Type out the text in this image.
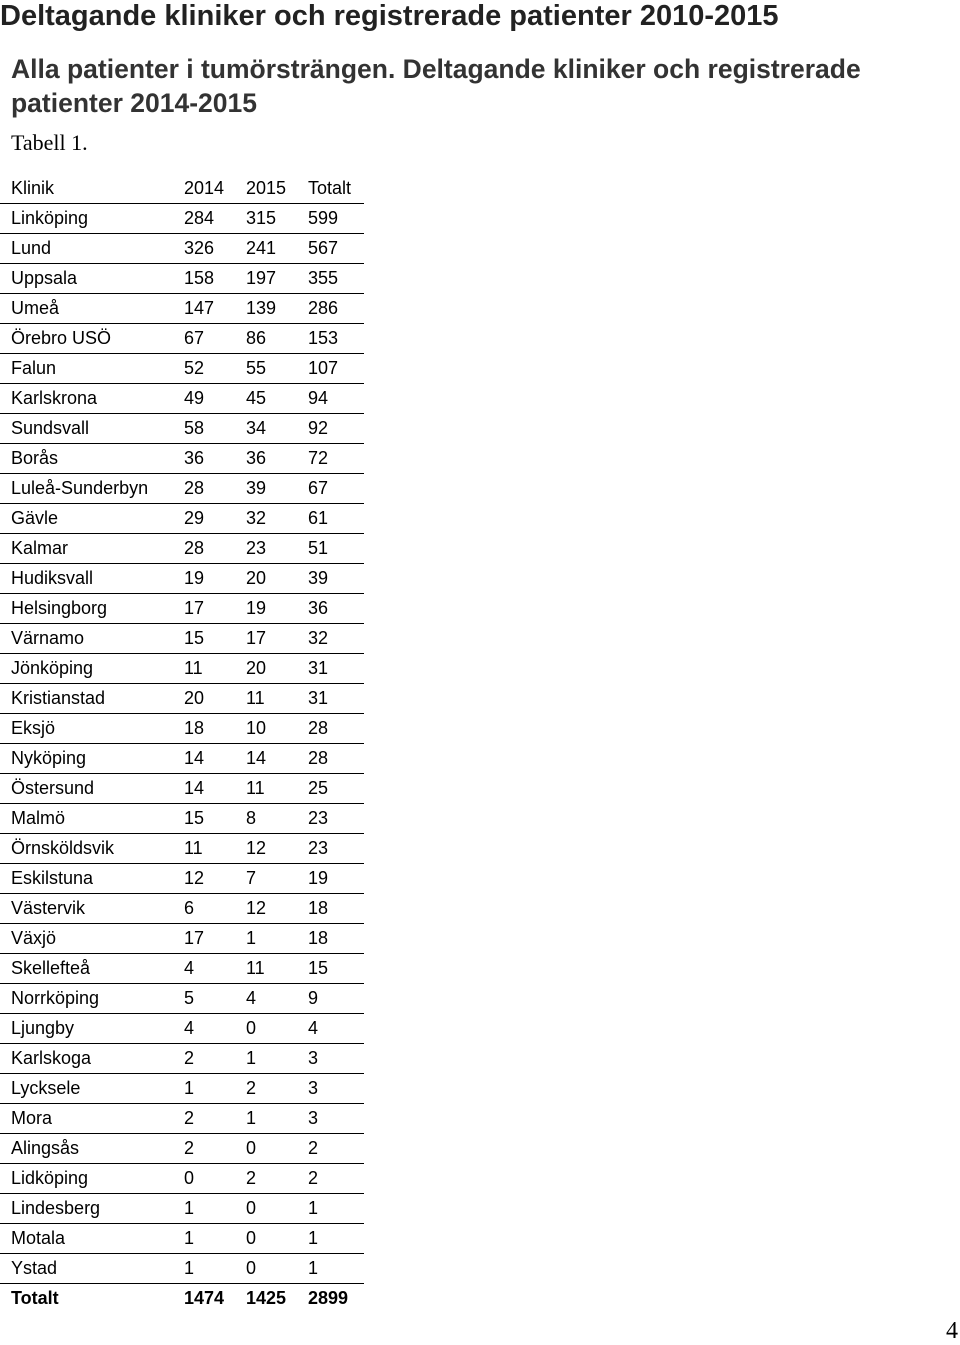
Deltagande kliniker och registrerade patienter 2010-2015
Alla patienter i tumörsträngen. Deltagande kliniker och registrerade patienter 2014-2015
Tabell 1.
Klinik	2014	2015	Totalt
Linköping	284	315	599
Lund	326	241	567
Uppsala	158	197	355
Umeå	147	139	286
Örebro USÖ	67	86	153
Falun	52	55	107
Karlskrona	49	45	94
Sundsvall	58	34	92
Borås	36	36	72
Luleå-Sunderbyn	28	39	67
Gävle	29	32	61
Kalmar	28	23	51
Hudiksvall	19	20	39
Helsingborg	17	19	36
Värnamo	15	17	32
Jönköping	11	20	31
Kristianstad	20	11	31
Eksjö	18	10	28
Nyköping	14	14	28
Östersund	14	11	25
Malmö	15	8	23
Örnsköldsvik	11	12	23
Eskilstuna	12	7	19
Västervik	6	12	18
Växjö	17	1	18
Skellefteå	4	11	15
Norrköping	5	4	9
Ljungby	4	0	4
Karlskoga	2	1	3
Lycksele	1	2	3
Mora	2	1	3
Alingsås	2	0	2
Lidköping	0	2	2
Lindesberg	1	0	1
Motala	1	0	1
Ystad	1	0	1
Totalt	1474	1425	2899
4
